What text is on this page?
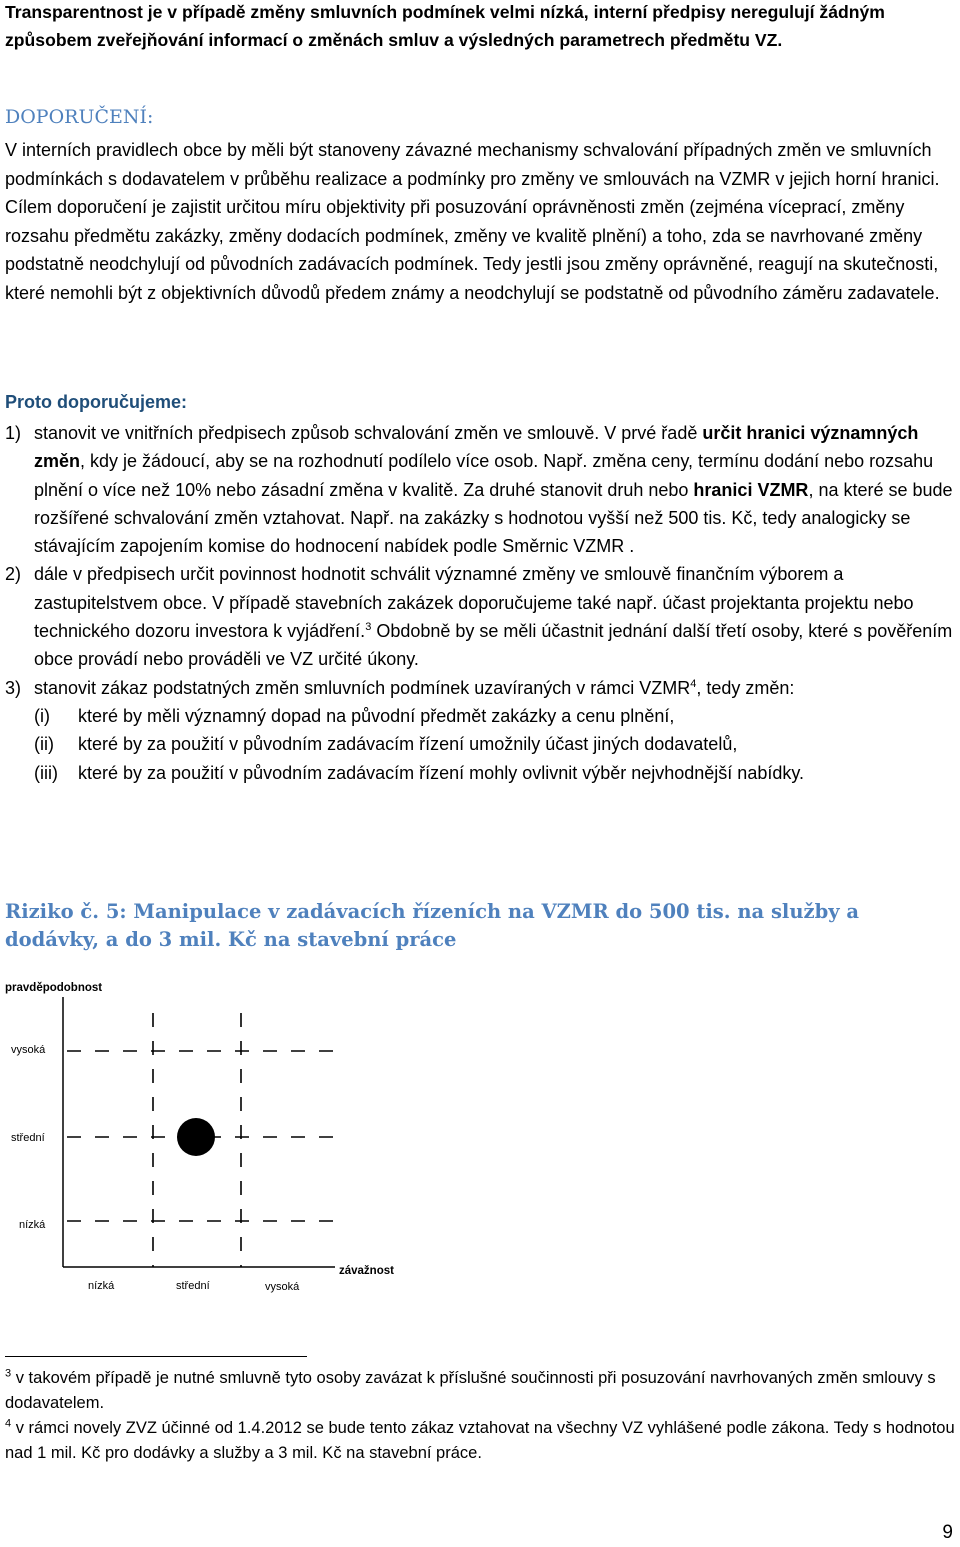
Transparentnost je v případě změny smluvních podmínek velmi nízká, interní předpisy neregulují žádným způsobem zveřejňování informací o změnách smluv a výsledných parametrech předmětu VZ.

DOPORUČENÍ:

V interních pravidlech obce by měli být stanoveny závazné mechanismy schvalování případných změn ve smluvních podmínkách s dodavatelem v průběhu realizace a podmínky pro změny ve smlouvách na VZMR v jejich horní hranici. Cílem doporučení je zajistit určitou míru objektivity při posuzování oprávněnosti změn (zejména víceprací, změny rozsahu předmětu zakázky, změny dodacích podmínek, změny ve kvalitě plnění) a toho, zda se navrhované změny podstatně neodchylují od původních zadávacích podmínek. Tedy jestli jsou změny oprávněné, reagují na skutečnosti, které nemohli být z objektivních důvodů předem známy a neodchylují se podstatně od původního záměru zadavatele.

Proto doporučujeme:
1) stanovit ve vnitřních předpisech způsob schvalování změn ve smlouvě. V prvé řadě určit hranici významných změn, kdy je žádoucí, aby se na rozhodnutí podílelo více osob. Např. změna ceny, termínu dodání nebo rozsahu plnění o více než 10% nebo zásadní změna v kvalitě. Za druhé stanovit druh nebo hranici VZMR, na které se bude rozšířené schvalování změn vztahovat. Např. na zakázky s hodnotou vyšší než 500 tis. Kč, tedy analogicky se stávajícím zapojením komise do hodnocení nabídek podle Směrnic VZMR .
2) dále v předpisech určit povinnost hodnotit schválit významné změny ve smlouvě finančním výborem a zastupitelstvem obce. V případě stavebních zakázek doporučujeme také např. účast projektanta projektu nebo technického dozoru investora k vyjádření.$^3$ Obdobně by se měli účastnit jednání další třetí osoby, které s pověřením obce provádí nebo prováděli ve VZ určité úkony.
3) stanovit zákaz podstatných změn smluvních podmínek uzavíraných v rámci VZMR$^4$, tedy změn:
(i) které by měli významný dopad na původní předmět zakázky a cenu plnění,
(ii) které by za použití v původním zadávacím řízení umožnily účast jiných dodavatelů,
(iii) které by za použití v původním zadávacím řízení mohly ovlivnit výběr nejvhodnější nabídky.
Riziko č. 5: Manipulace v zadávacích řízeních na VZMR do 500 tis. na služby a dodávky, a do 3 mil. Kč na stavební práce
pravděpodobnost
vysoká
střední
nízká
nízká	střední	vysoká
závažnost

$^3$ v takovém případě je nutné smluvně tyto osoby zavázat k příslušné součinnosti při posuzování navrhovaných změn smlouvy s dodavatelem.

$^4$ v rámci novely ZVZ účinné od 1.4.2012 se bude tento zákaz vztahovat na všechny VZ vyhlášené podle zákona. Tedy s hodnotou nad 1 mil. Kč pro dodávky a služby a 3 mil. Kč na stavební práce.

9
